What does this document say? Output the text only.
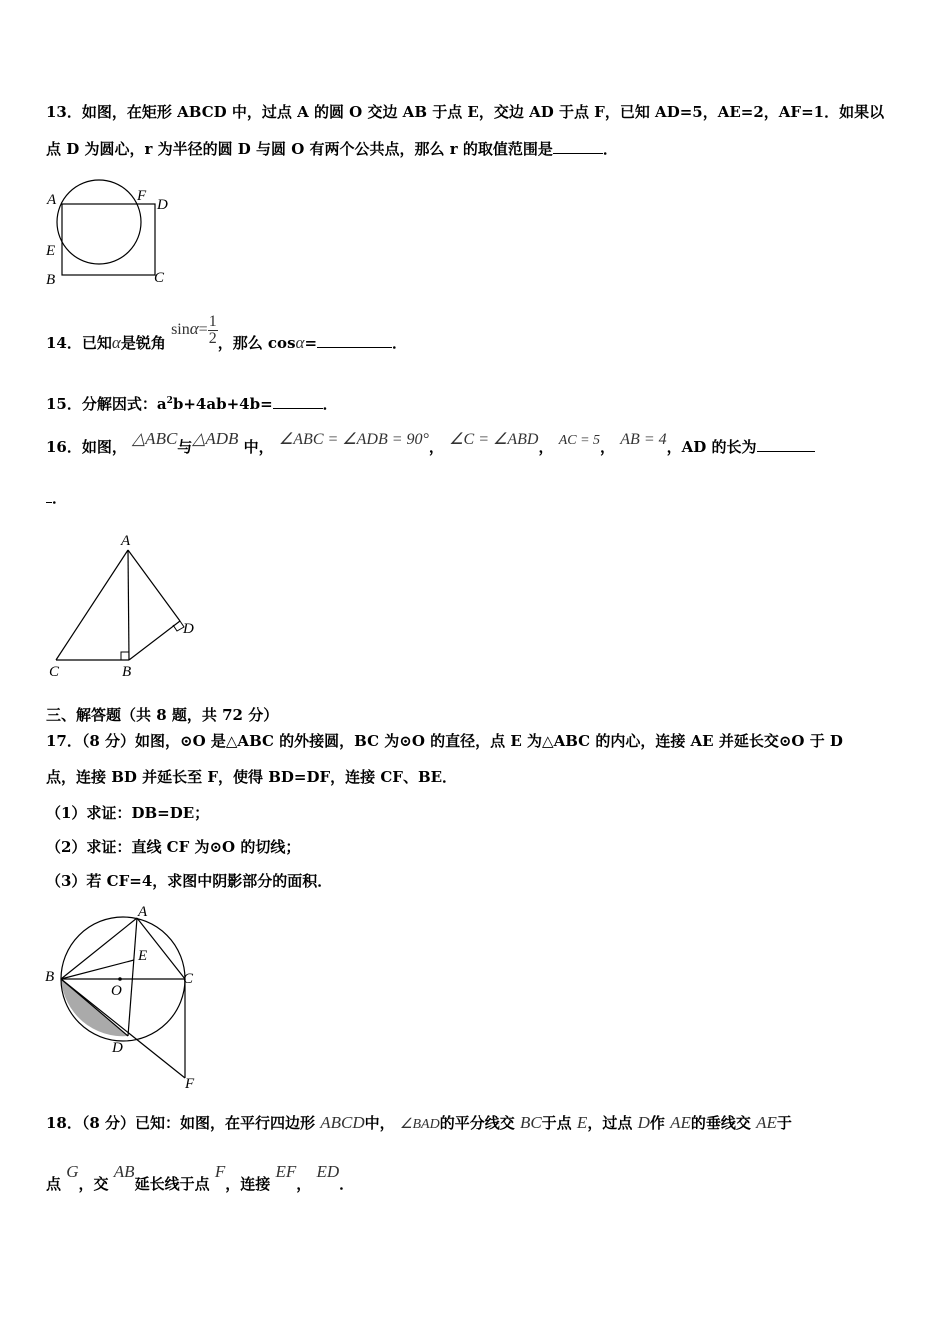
13．如图，在矩形 ABCD 中，过点 A 的圆 O 交边 AB 于点 E，交边 AD 于点 F，已知 AD=5，AE=2，AF=1．如果以
点 D 为圆心，r 为半径的圆 D 与圆 O 有两个公共点，那么 r 的取值范围是	．
A	F
D
E
B	C
14．已知α是锐角 $\sin\alpha= \frac{1}{2}$ ，那么 cosα=	．
15．分解因式：$a^2b+4ab+4b=$	．
16．如图， △ABC与△ADB 中， ∠ABC = ∠ADB = 90°， ∠C = ∠ABD， AC = 5， AB = 4，AD 的长为
．
A
C	B
D
三、解答题（共 8 题，共 72 分）
17．（8 分）如图，⊙O 是△ABC 的外接圆，BC 为⊙O 的直径，点 E 为△ABC 的内心，连接 AE 并延长交⊙O 于 D
点，连接 BD 并延长至 F，使得 BD=DF，连接 CF、BE．
（1）求证：DB=DE；
（2）求证：直线 CF 为⊙O 的切线；
（3）若 CF=4，求图中阴影部分的面积．
A
B
E
O
C
D
F
18．（8 分）已知：如图，在平行四边形 ABCD中， ∠BAD的平分线交 BC于点 E，过点 D作 AE的垂线交 AE于
点 G，交 AB延长线于点 F，连接 EF， ED．
